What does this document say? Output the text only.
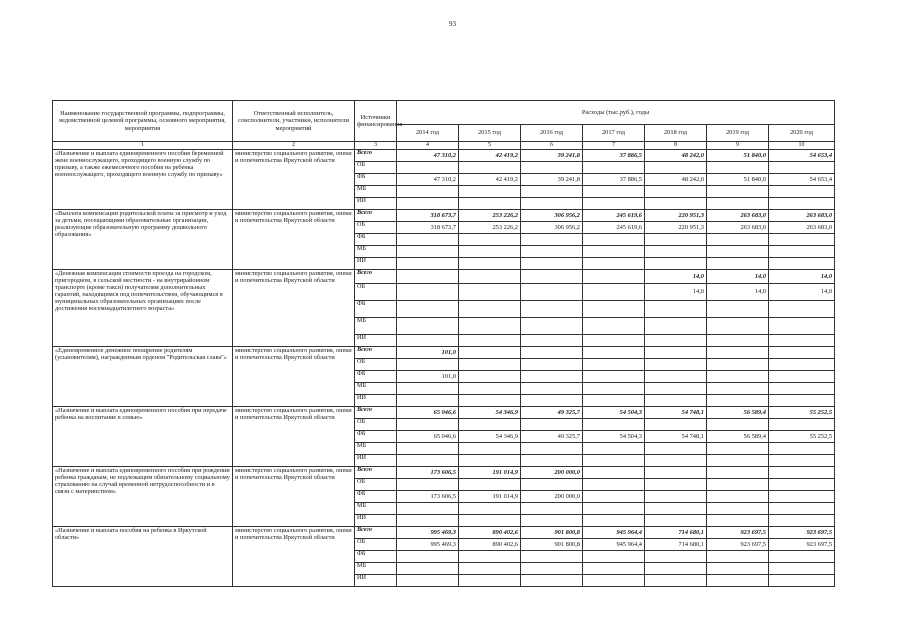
93
Наименование государственной программы, подпрограммы, ведомственной целевой программы, основного мероприятия, мероприятия	Ответственный исполнитель, соисполнители, участники, исполнители мероприятий	Источники финансирования	Расходы (тыс.руб.), годы						
			2014 год	2015 год	2016 год	2017 год	2018 год	2019 год	2020 год
1	2	3	4	5	6	7	8	9	10
«Назначение и выплата единовременного пособия беременной жене военнослужащего, проходящего военную службу по призыву, а также ежемесячного пособия на ребенка военнослужащего, проходящего военную службу по призыву»	министерство социального развития, опеки и попечительства Иркутской области	Всего	47 310,2	42 419,2	39 241,8	37 886,5	48 242,0	51 840,0	54 653,4
		ОБ							
		ФБ	47 310,2	42 419,2	39 241,8	37 886,5	48 242,0	51 840,0	54 653,4
		МБ							
		ИИ							
«Выплата компенсации родительской платы за присмотр и уход за детьми, посещающими образовательные организации, реализующие образовательную программу дошкольного образования»	министерство социального развития, опеки и попечительства Иркутской области	Всего	318 673,7	253 226,2	306 956,2	245 619,6	220 951,3	263 683,0	263 683,0
		ОБ	318 673,7	253 226,2	306 956,2	245 619,6	220 951,3	263 683,0	263 683,0
		ФБ							
		МБ							
		ИИ							
«Денежная компенсация стоимости проезда на городском, пригородном, в сельской местности - на внутрирайонном транспорте (кроме такси) получателям дополнительных гарантий, находящимся под попечительством, обучающимся в муниципальных образовательных организациях после достижения восемнадцатилетнего возраста»	министерство социального развития, опеки и попечительства Иркутской области	Всего					14,0	14,0	14,0
		ОБ					14,0	14,0	14,0
		ФБ							
		МБ							
		ИИ							
«Единовременное денежное поощрение родителям (усыновителям), награжденным орденом "Родительская слава"»	министерство социального развития, опеки и попечительства Иркутской области	Всего	101,0						
		ОБ							
		ФБ	101,0						
		МБ							
		ИИ							
«Назначение и выплата единовременного пособия при передаче ребенка на воспитание в семью»	министерство социального развития, опеки и попечительства Иркутской области	Всего	65 046,6	54 346,9	49 325,7	54 504,3	54 748,1	56 589,4	55 252,5
		ОБ							
		ФБ	65 046,6	54 346,9	49 325,7	54 504,3	54 748,1	56 589,4	55 252,5
		МБ							
		ИИ							
«Назначение и выплата единовременного пособия при рождении ребенка гражданам, не подлежащим обязательному социальному страхованию на случай временной нетрудоспособности и в связи с материнством»	министерство социального развития, опеки и попечительства Иркутской области	Всего	173 606,5	191 014,9	200 000,0				
		ОБ							
		ФБ	173 606,5	191 014,9	200 000,0				
		МБ							
		ИИ							
«Назначение и выплата пособия на ребенка в Иркутской области»	министерство социального развития, опеки и попечительства Иркутской области	Всего	995 469,3	890 402,6	901 800,8	945 964,4	714 680,1	923 697,5	923 697,5
		ОБ	995 469,3	890 402,6	901 800,8	945 964,4	714 680,1	923 697,5	923 697,5
		ФБ							
		МБ							
		ИИ							
